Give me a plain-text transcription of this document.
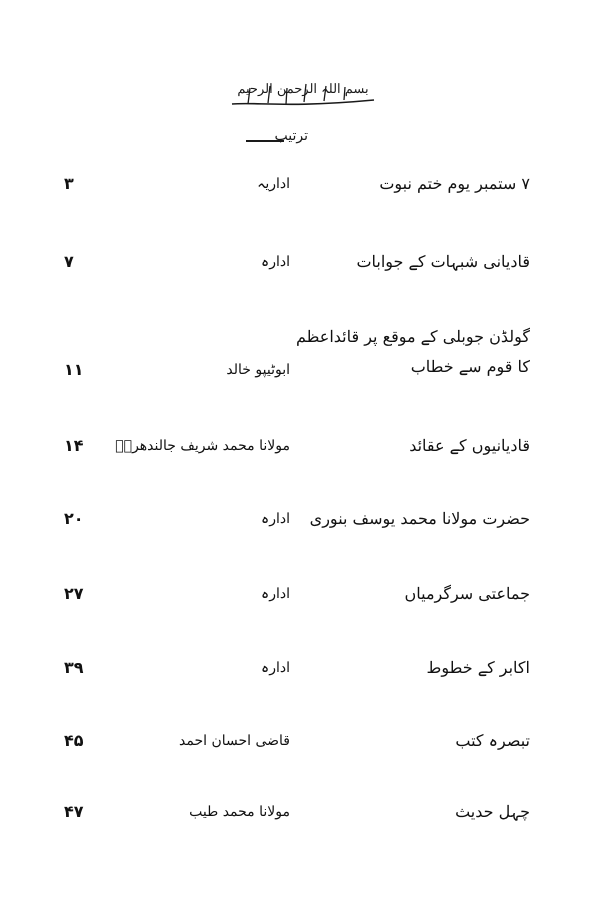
بسم اللہ الرحمن الرحیم
ترتیب
۷ ستمبر یوم ختم نبوت
اداریہ
۳
قادیانی شبہات کے جوابات
ادارہ
۷
گولڈن جوبلی کے موقع پر قائداعظم کا قوم سے خطاب
ابوٹیپو خالد
۱۱
قادیانیوں کے عقائد
مولانا محمد شریف جالندھریؒ
۱۴
حضرت مولانا محمد یوسف بنوری
ادارہ
۲۰
جماعتی سرگرمیاں
ادارہ
۲۷
اکابر کے خطوط
ادارہ
۳۹
تبصرہ کتب
قاضی احسان احمد
۴۵
چہل حدیث
مولانا محمد طیب
۴۷
